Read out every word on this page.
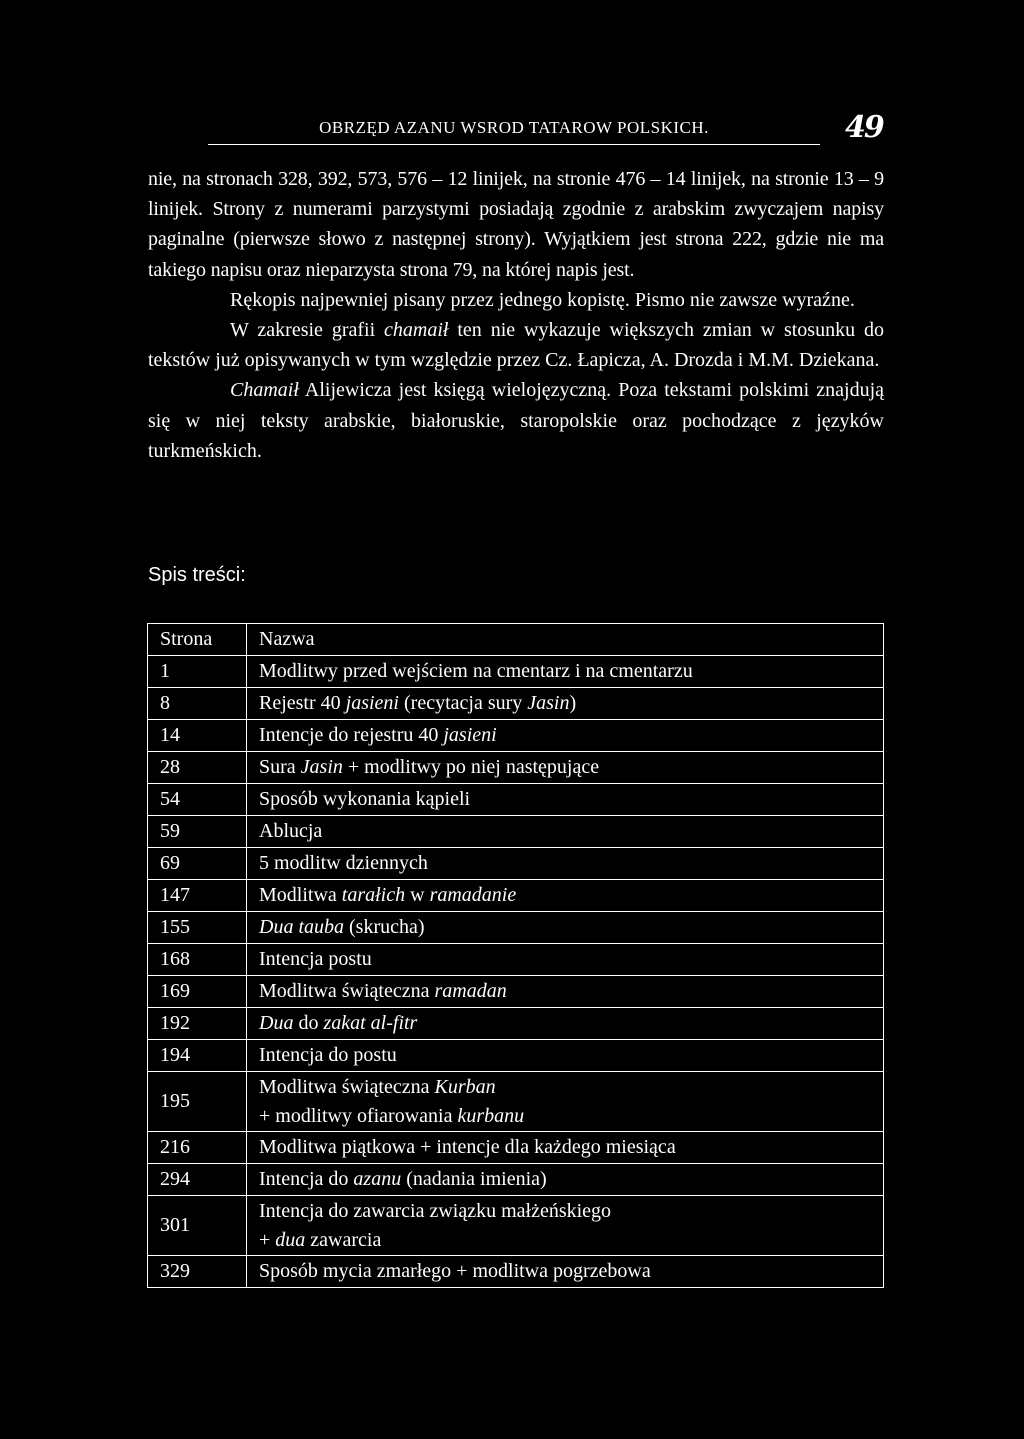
OBRZĘD AZANU WSROD TATAROW POLSKICH.	49

nie, na stronach 328, 392, 573, 576 – 12 linijek, na stronie 476 – 14 linijek, na stronie 13 – 9 linijek. Strony z numerami parzystymi posiadają zgodnie z arabskim zwyczajem napisy paginalne (pierwsze słowo z następnej strony). Wyjątkiem jest strona 222, gdzie nie ma takiego napisu oraz nieparzysta strona 79, na której napis jest.

Rękopis najpewniej pisany przez jednego kopistę. Pismo nie zawsze wyraźne.

W zakresie grafii chamaił ten nie wykazuje większych zmian w stosunku do tekstów już opisywanych w tym względzie przez Cz. Łapicza, A. Drozda i M.M. Dziekana.

Chamaił Alijewicza jest księgą wielojęzyczną. Poza tekstami polskimi znajdują się w niej teksty arabskie, białoruskie, staropolskie oraz pochodzące z języków turkmeńskich.

Spis treści:
Strona	Nazwa
1	Modlitwy przed wejściem na cmentarz i na cmentarzu
8	Rejestr 40 jasieni (recytacja sury Jasin)
14	Intencje do rejestru 40 jasieni
28	Sura Jasin + modlitwy po niej następujące
54	Sposób wykonania kąpieli
59	Ablucja
69	5 modlitw dziennych
147	Modlitwa tarałich w ramadanie
155	Dua tauba (skrucha)
168	Intencja postu
169	Modlitwa świąteczna ramadan
192	Dua do zakat al-fitr
194	Intencja do postu
195	Modlitwa świąteczna Kurban
+ modlitwy ofiarowania kurbanu
216	Modlitwa piątkowa + intencje dla każdego miesiąca
294	Intencja do azanu (nadania imienia)
301	Intencja do zawarcia związku małżeńskiego
+ dua zawarcia
329	Sposób mycia zmarłego + modlitwa pogrzebowa
